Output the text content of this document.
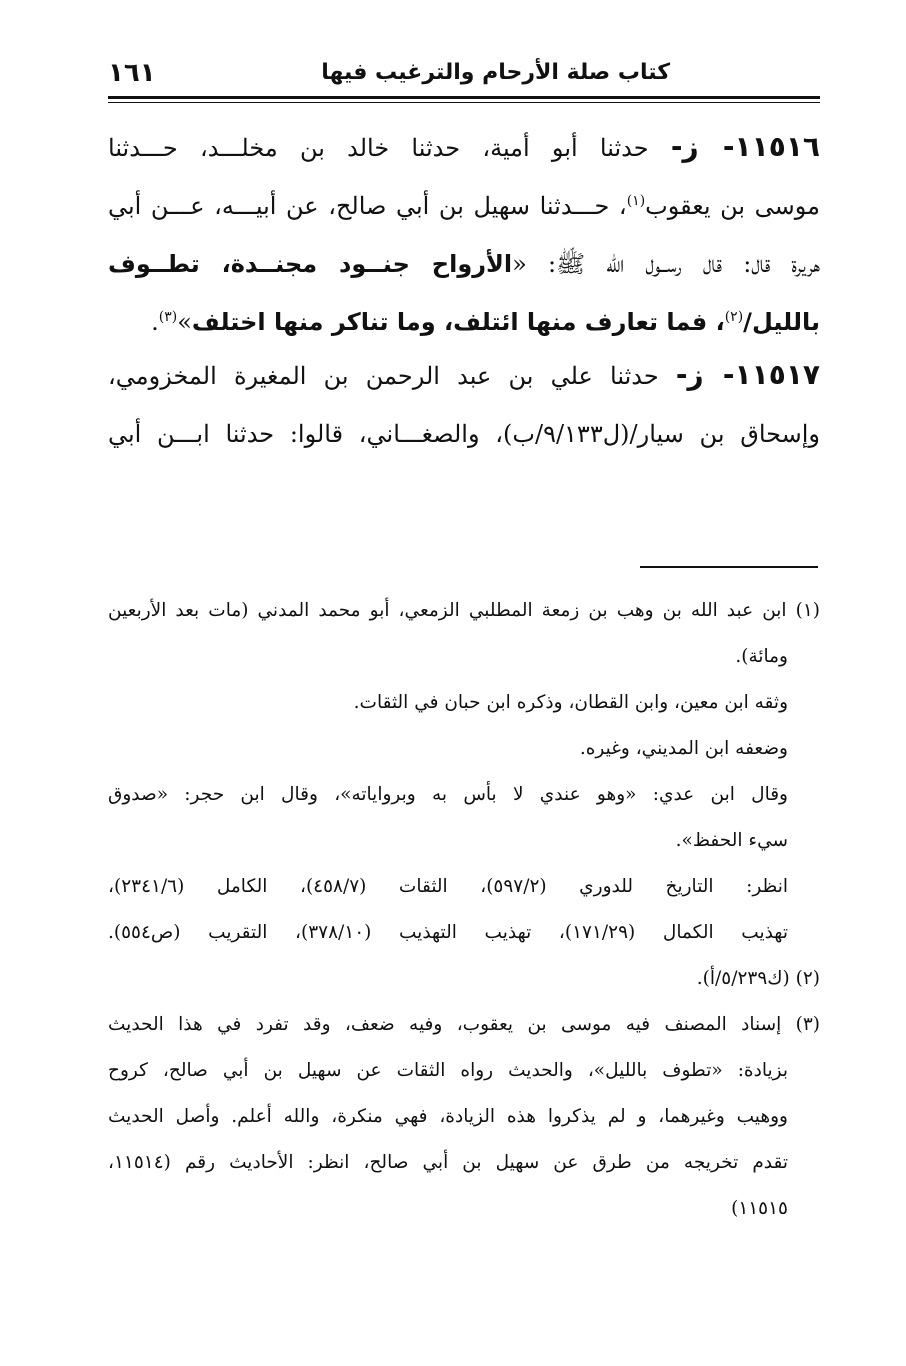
كتاب صلة الأرحام والترغيب فيها
١٦١
١١٥١٦- ز- حدثنا أبو أمية، حدثنا خالد بن مخلـــد، حـــدثنا
موسى بن يعقوب$^{(١)}$، حـــدثنا سهيل بن أبي صالح، عن أبيـــه، عـــن أبي
هريرة قال: قال رســول الله ﷺ: «الأرواح جنــود مجنــدة، تطــوف
بالليل/$^{(٢)}$، فما تعارف منها ائتلف، وما تناكر منها اختلف»$^{(٣)}$.
١١٥١٧- ز- حدثنا علي بن عبد الرحمن بن المغيرة المخزومي،
وإسحاق بن سيار/(ل٩/١٣٣/ب)، والصغـــاني، قالوا: حدثنا ابـــن أبي
(١) ابن عبد الله بن وهب بن زمعة المطلبي الزمعي، أبو محمد المدني (مات بعد الأربعين
ومائة).
وثقه ابن معين، وابن القطان، وذكره ابن حبان في الثقات.
وضعفه ابن المديني، وغيره.
وقال ابن عدي: «وهو عندي لا بأس به وبرواياته»، وقال ابن حجر: «صدوق
سيء الحفظ».
انظر: التاريخ للدوري (٥٩٧/٢)، الثقات (٤٥٨/٧)، الكامل (٢٣٤١/٦)،
تهذيب الكمال (١٧١/٢٩)، تهذيب التهذيب (٣٧٨/١٠)، التقريب (ص٥٥٤).
(٢) (ك٥/٢٣٩/أ).
(٣) إسناد المصنف فيه موسى بن يعقوب، وفيه ضعف، وقد تفرد في هذا الحديث
بزيادة: «تطوف بالليل»، والحديث رواه الثقات عن سهيل بن أبي صالح، كروح
ووهيب وغيرهما، و لم يذكروا هذه الزيادة، فهي منكرة، والله أعلم. وأصل الحديث
تقدم تخريجه من طرق عن سهيل بن أبي صالح، انظر: الأحاديث رقم (١١٥١٤،
١١٥١٥)
